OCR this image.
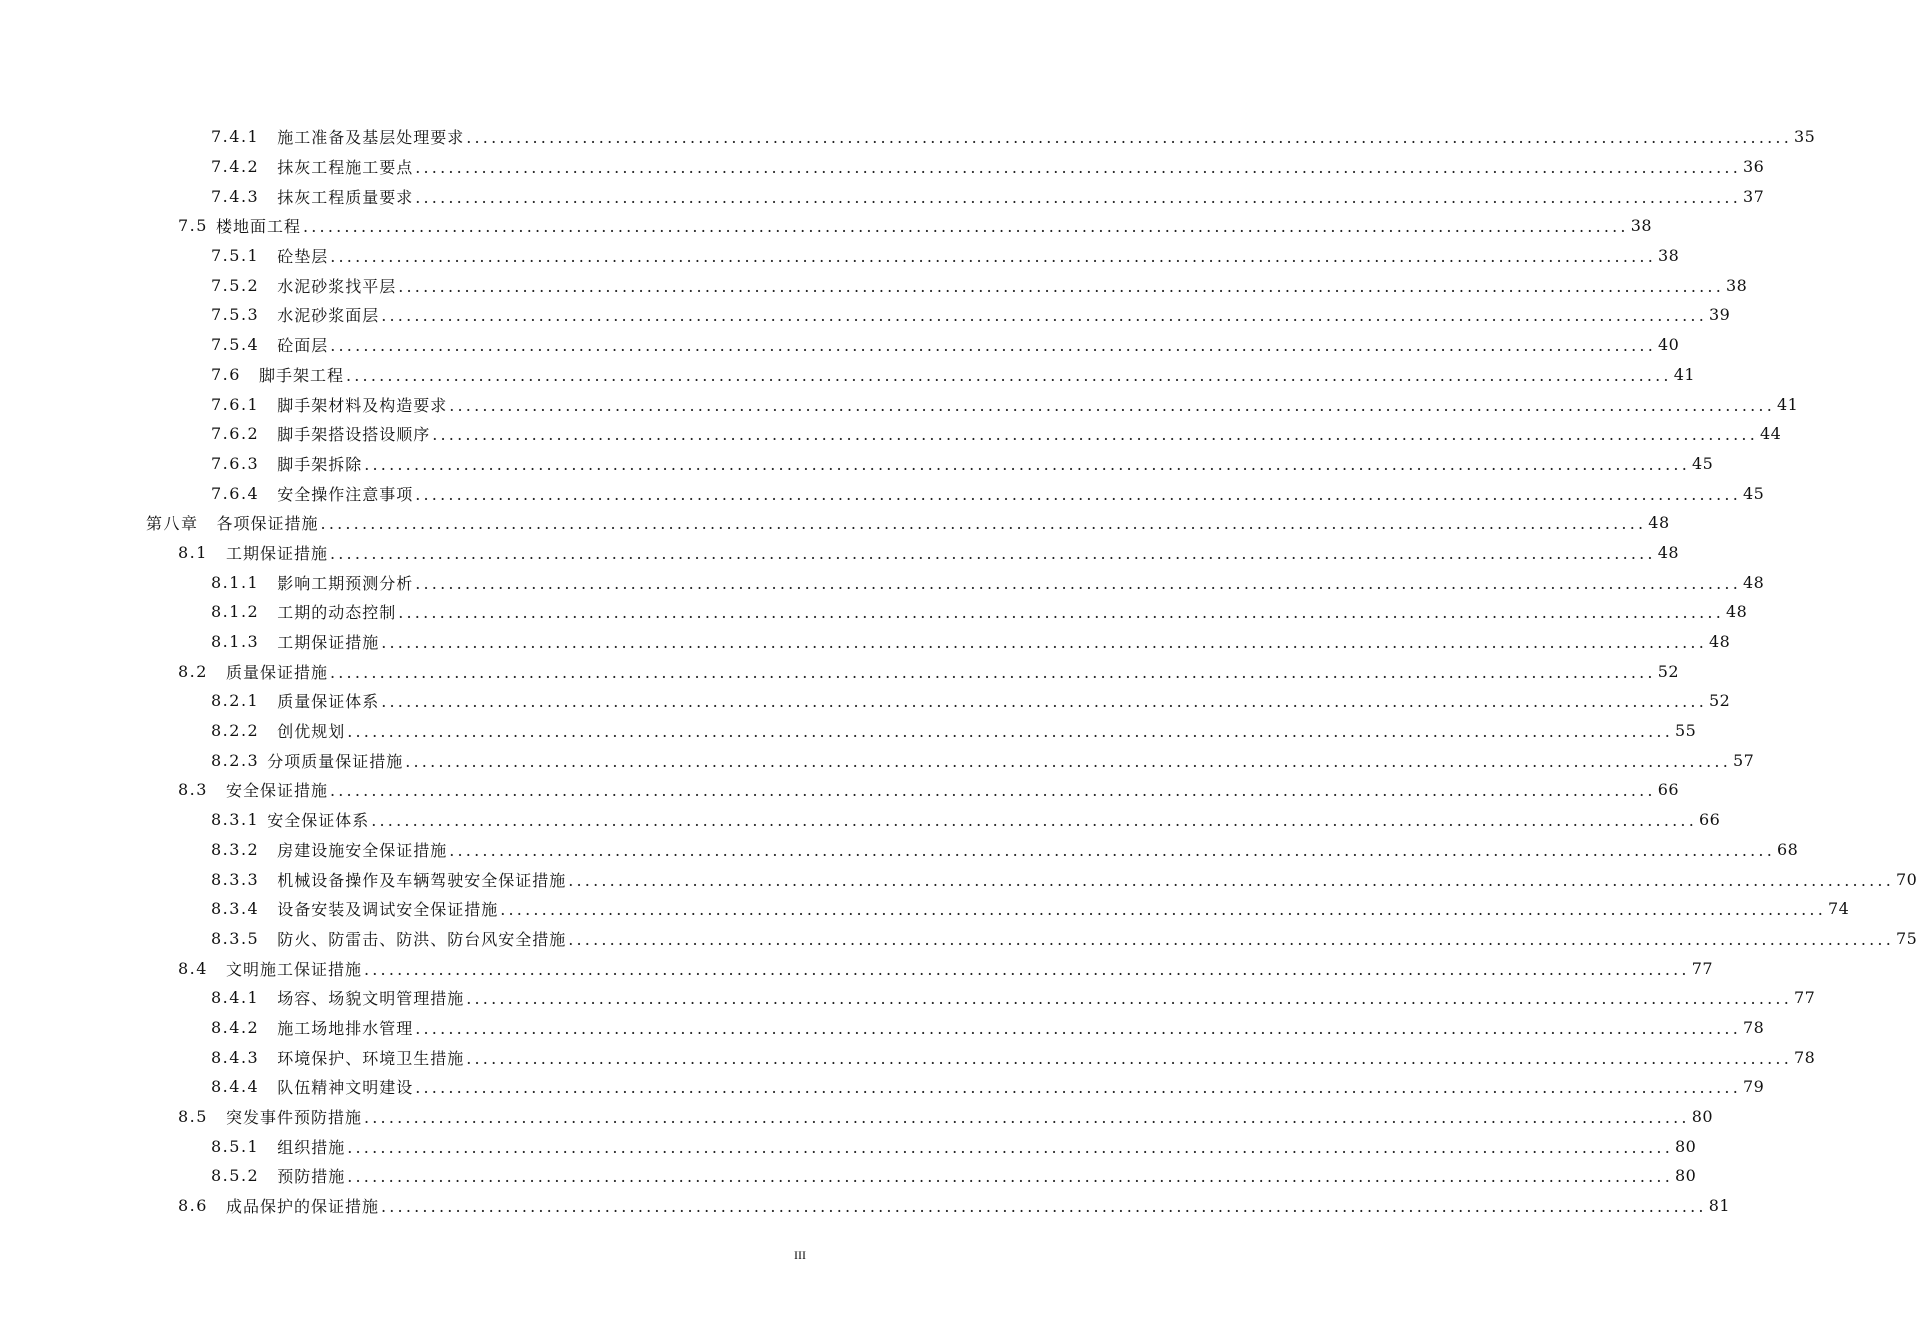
7.4.1 施工准备及基层处理要求 ................................................................................................................................................................ 35
7.4.2 抹灰工程施工要点 ................................................................................................................................................................ 36
7.4.3 抹灰工程质量要求 ................................................................................................................................................................ 37
7.5 楼地面工程 ................................................................................................................................................................ 38
7.5.1 砼垫层 ................................................................................................................................................................ 38
7.5.2 水泥砂浆找平层 ................................................................................................................................................................ 38
7.5.3 水泥砂浆面层 ................................................................................................................................................................ 39
7.5.4 砼面层 ................................................................................................................................................................ 40
7.6 脚手架工程 ................................................................................................................................................................ 41
7.6.1 脚手架材料及构造要求 ................................................................................................................................................................ 41
7.6.2 脚手架搭设搭设顺序 ................................................................................................................................................................ 44
7.6.3 脚手架拆除 ................................................................................................................................................................ 45
7.6.4 安全操作注意事项 ................................................................................................................................................................ 45
第八章 各项保证措施 ................................................................................................................................................................ 48
8.1 工期保证措施 ................................................................................................................................................................ 48
8.1.1 影响工期预测分析 ................................................................................................................................................................ 48
8.1.2 工期的动态控制 ................................................................................................................................................................ 48
8.1.3 工期保证措施 ................................................................................................................................................................ 48
8.2 质量保证措施 ................................................................................................................................................................ 52
8.2.1 质量保证体系 ................................................................................................................................................................ 52
8.2.2 创优规划 ................................................................................................................................................................ 55
8.2.3 分项质量保证措施 ................................................................................................................................................................ 57
8.3 安全保证措施 ................................................................................................................................................................ 66
8.3.1 安全保证体系 ................................................................................................................................................................ 66
8.3.2 房建设施安全保证措施 ................................................................................................................................................................ 68
8.3.3 机械设备操作及车辆驾驶安全保证措施 ................................................................................................................................................................ 70
8.3.4 设备安装及调试安全保证措施 ................................................................................................................................................................ 74
8.3.5 防火、防雷击、防洪、防台风安全措施 ................................................................................................................................................................ 75
8.4 文明施工保证措施 ................................................................................................................................................................ 77
8.4.1 场容、场貌文明管理措施 ................................................................................................................................................................ 77
8.4.2 施工场地排水管理 ................................................................................................................................................................ 78
8.4.3 环境保护、环境卫生措施 ................................................................................................................................................................ 78
8.4.4 队伍精神文明建设 ................................................................................................................................................................ 79
8.5 突发事件预防措施 ................................................................................................................................................................ 80
8.5.1 组织措施 ................................................................................................................................................................ 80
8.5.2 预防措施 ................................................................................................................................................................ 80
8.6 成品保护的保证措施 ................................................................................................................................................................ 81
III
